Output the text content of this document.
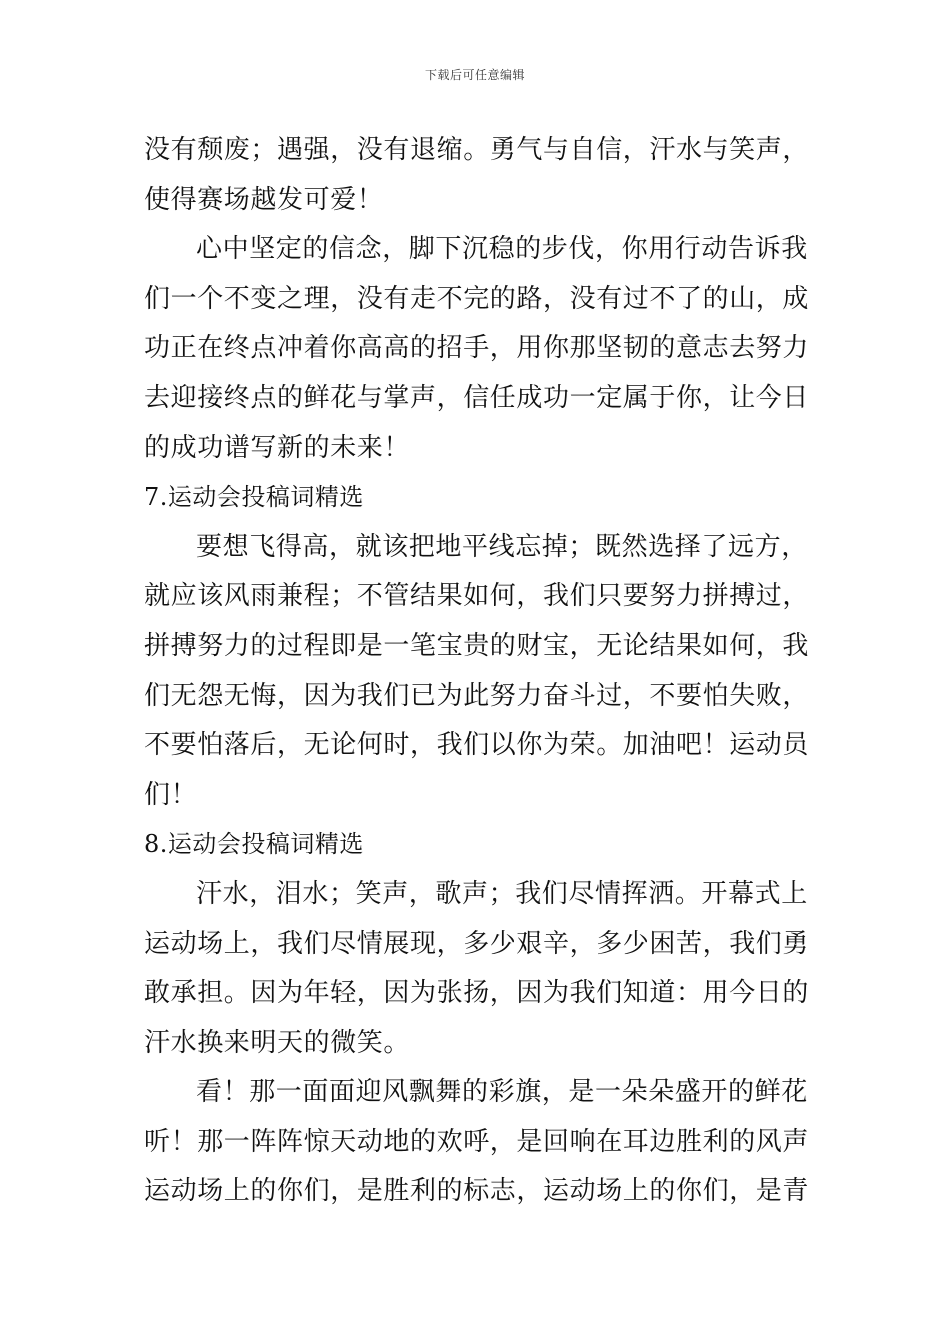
下载后可任意编辑

没有颓废；遇强，没有退缩。勇气与自信，汗水与笑声，
使得赛场越发可爱！

心中坚定的信念，脚下沉稳的步伐，你用行动告诉我
们一个不变之理，没有走不完的路，没有过不了的山，成
功正在终点冲着你高高的招手，用你那坚韧的意志去努力
去迎接终点的鲜花与掌声，信任成功一定属于你，让今日
的成功谱写新的未来！

7.运动会投稿词精选

要想飞得高，就该把地平线忘掉；既然选择了远方，
就应该风雨兼程；不管结果如何，我们只要努力拼搏过，
拼搏努力的过程即是一笔宝贵的财宝，无论结果如何，我
们无怨无悔，因为我们已为此努力奋斗过，不要怕失败，
不要怕落后，无论何时，我们以你为荣。加油吧！运动员
们！

8.运动会投稿词精选

汗水，泪水；笑声，歌声；我们尽情挥洒。开幕式上
运动场上，我们尽情展现，多少艰辛，多少困苦，我们勇
敢承担。因为年轻，因为张扬，因为我们知道：用今日的
汗水换来明天的微笑。

看！那一面面迎风飘舞的彩旗，是一朵朵盛开的鲜花
听！那一阵阵惊天动地的欢呼，是回响在耳边胜利的风声
运动场上的你们，是胜利的标志，运动场上的你们，是青
